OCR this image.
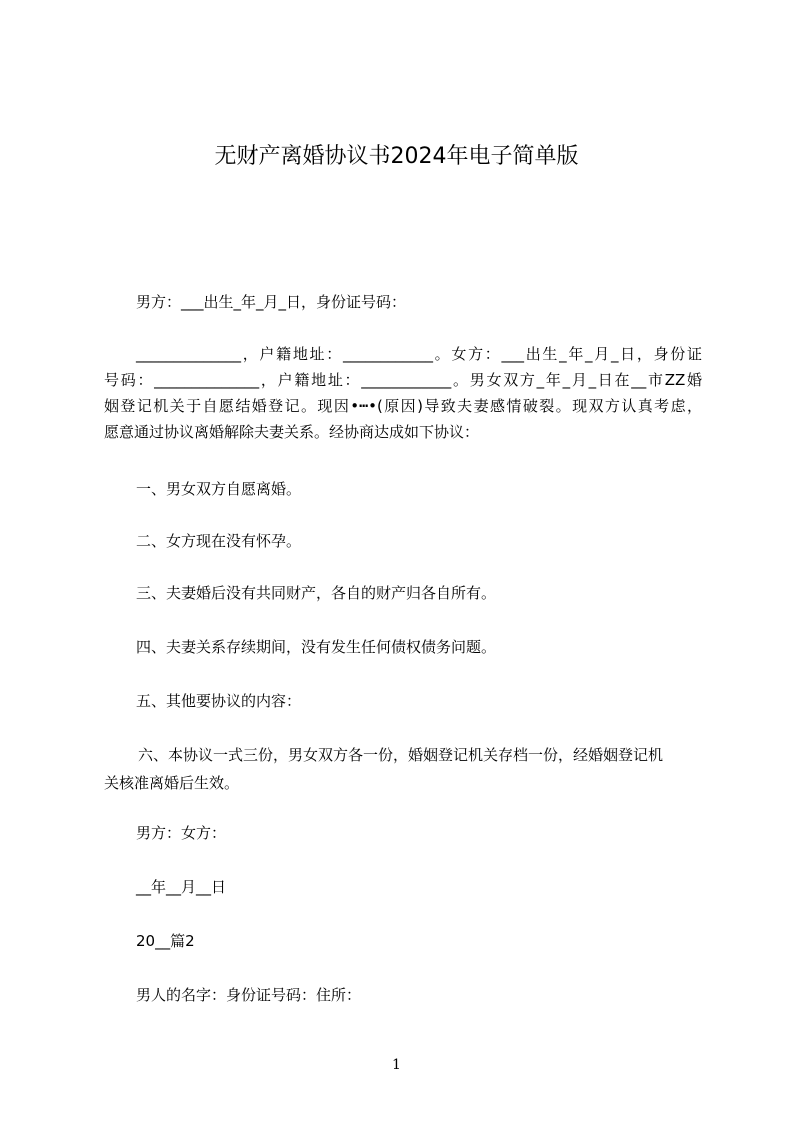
无财产离婚协议书2024年电子简单版

男方：___出生_年_月_日，身份证号码：

______________，户籍地址：____________。女方：___出生_年_月_日，身份证
号码：______________，户籍地址：____________。男女双方_年_月_日在__市ZZ婚
姻登记机关于自愿结婚登记。现因•┅•(原因)导致夫妻感情破裂。现双方认真考虑，
愿意通过协议离婚解除夫妻关系。经协商达成如下协议：

一、男女双方自愿离婚。

二、女方现在没有怀孕。

三、夫妻婚后没有共同财产，各自的财产归各自所有。

四、夫妻关系存续期间，没有发生任何债权债务问题。

五、其他要协议的内容：

六、本协议一式三份，男女双方各一份，婚姻登记机关存档一份，经婚姻登记机
关核准离婚后生效。

男方：女方：

__年__月__日

20__篇2

男人的名字：身份证号码：住所：

1
